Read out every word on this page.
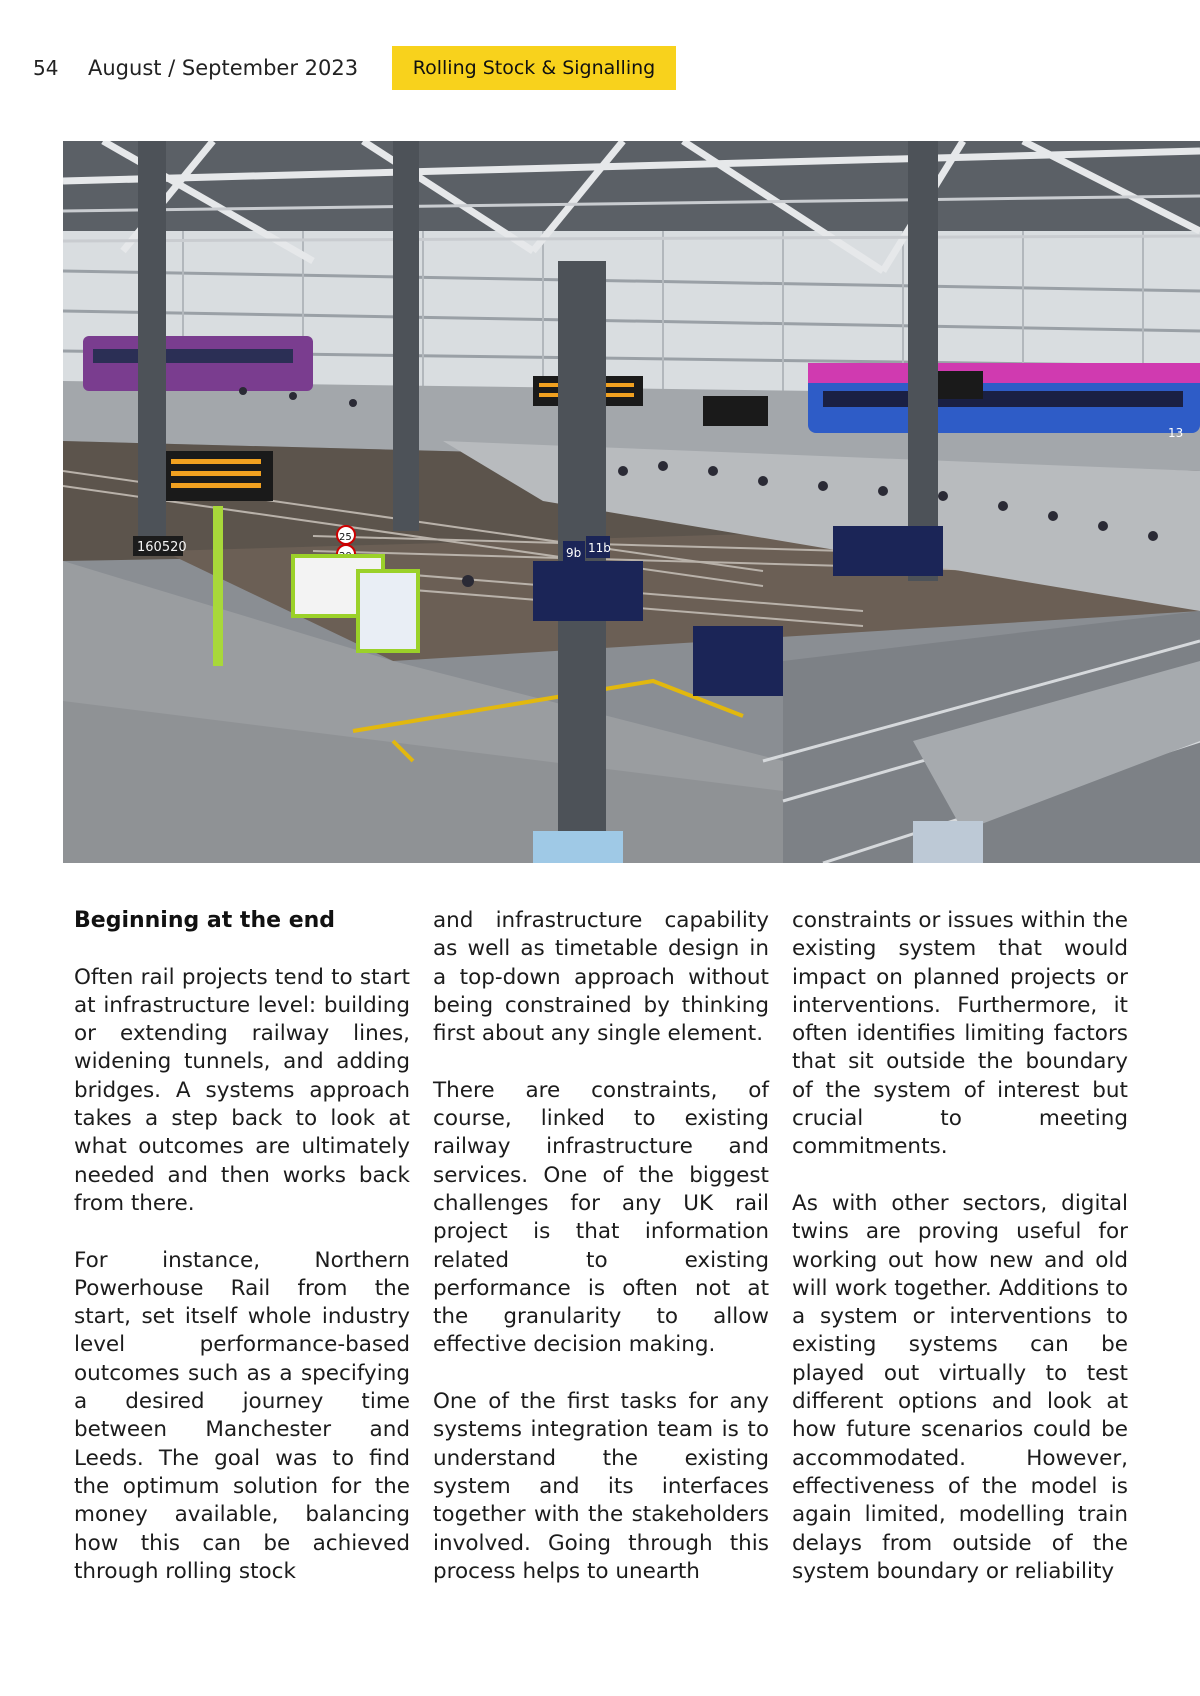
54 August / September 2023	Rolling Stock & Signalling
13
160520	9b 11b
25
Beginning at the end

Often rail projects tend to start at infrastructure level: building or extending railway lines, widening tunnels, and adding bridges. A systems approach takes a step back to look at what outcomes are ultimately needed and then works back from there.

For instance, Northern Powerhouse Rail from the start, set itself whole industry level performance-based outcomes such as a specifying a desired journey time between Manchester and Leeds. The goal was to find the optimum solution for the money available, balancing how this can be achieved through rolling stock

and infrastructure capability as well as timetable design in a top-down approach without being constrained by thinking first about any single element.

There are constraints, of course, linked to existing railway infrastructure and services. One of the biggest challenges for any UK rail project is that information related to existing performance is often not at the granularity to allow effective decision making.

One of the first tasks for any systems integration team is to understand the existing system and its interfaces together with the stakeholders involved. Going through this process helps to unearth

constraints or issues within the existing system that would impact on planned projects or interventions. Furthermore, it often identifies limiting factors that sit outside the boundary of the system of interest but crucial to meeting commitments.

As with other sectors, digital twins are proving useful for working out how new and old will work together. Additions to a system or interventions to existing systems can be played out virtually to test different options and look at how future scenarios could be accommodated. However, effectiveness of the model is again limited, modelling train delays from outside of the system boundary or reliability
